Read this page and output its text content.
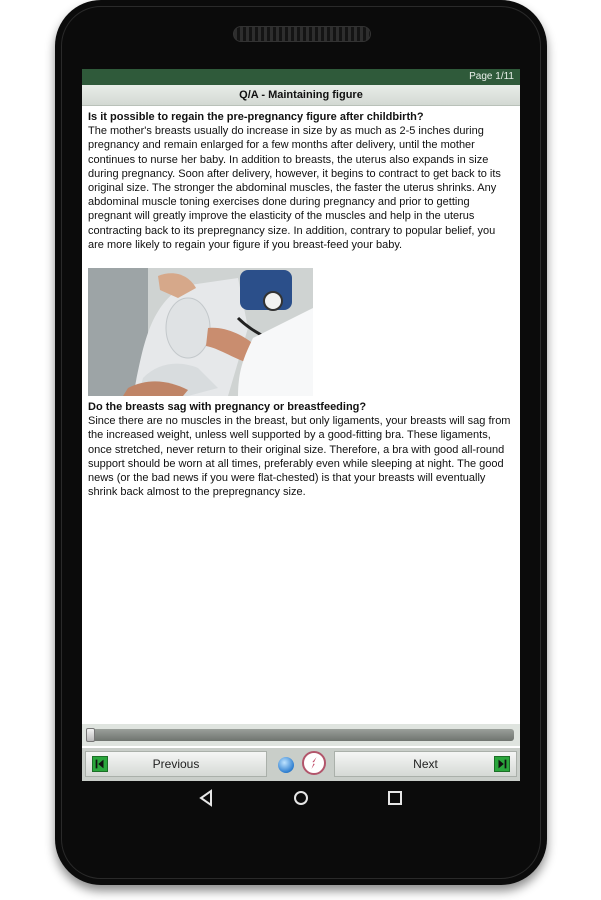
Page 1/11
Q/A - Maintaining figure

Is it possible to regain the pre-pregnancy figure after childbirth?

The mother's breasts usually do increase in size by as much as 2-5 inches during pregnancy and remain enlarged for a few months after delivery, until the mother continues to nurse her baby. In addition to breasts, the uterus also expands in size during pregnancy. Soon after delivery, however, it begins to contract to get back to its original size. The stronger the abdominal muscles, the faster the uterus shrinks. Any abdominal muscle toning exercises done during pregnancy and prior to getting pregnant will greatly improve the elasticity of the muscles and help in the uterus contracting back to its prepregnancy size. In addition, contrary to popular belief, you are more likely to regain your figure if you breast-feed your baby.

Do the breasts sag with pregnancy or breastfeeding?

Since there are no muscles in the breast, but only ligaments, your breasts will sag from the increased weight, unless well supported by a good-fitting bra. These ligaments, once stretched, never return to their original size. Therefore, a bra with good all-round support should be worn at all times, preferably even while sleeping at night. The good news (or the bad news if you were flat-chested) is that your breasts will eventually shrink back almost to the prepregnancy size.

Previous	Next
